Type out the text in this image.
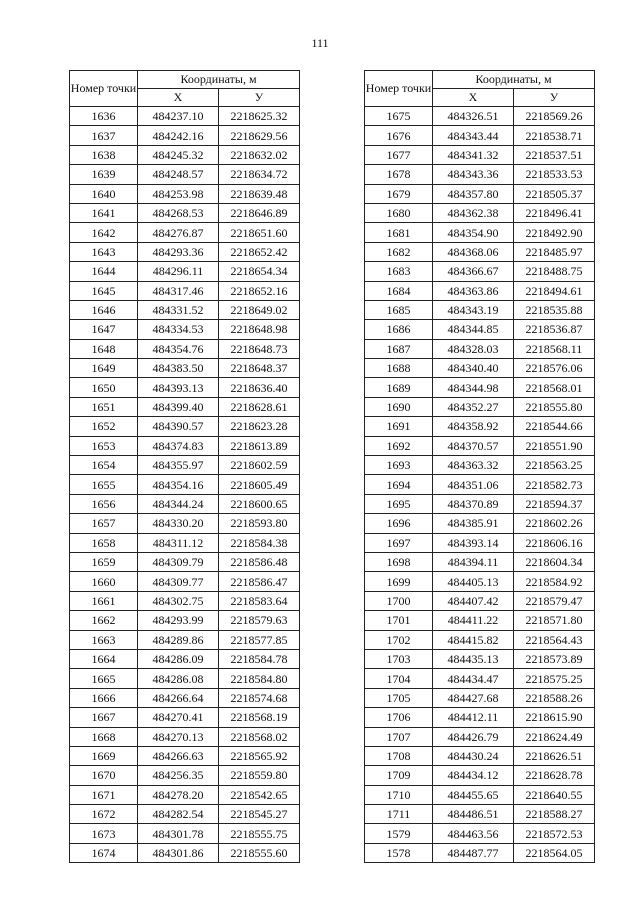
111
Номер точки	Координаты, м	
	Х	У
1636	484237.10	2218625.32
1637	484242.16	2218629.56
1638	484245.32	2218632.02
1639	484248.57	2218634.72
1640	484253.98	2218639.48
1641	484268.53	2218646.89
1642	484276.87	2218651.60
1643	484293.36	2218652.42
1644	484296.11	2218654.34
1645	484317.46	2218652.16
1646	484331.52	2218649.02
1647	484334.53	2218648.98
1648	484354.76	2218648.73
1649	484383.50	2218648.37
1650	484393.13	2218636.40
1651	484399.40	2218628.61
1652	484390.57	2218623.28
1653	484374.83	2218613.89
1654	484355.97	2218602.59
1655	484354.16	2218605.49
1656	484344.24	2218600.65
1657	484330.20	2218593.80
1658	484311.12	2218584.38
1659	484309.79	2218586.48
1660	484309.77	2218586.47
1661	484302.75	2218583.64
1662	484293.99	2218579.63
1663	484289.86	2218577.85
1664	484286.09	2218584.78
1665	484286.08	2218584.80
1666	484266.64	2218574.68
1667	484270.41	2218568.19
1668	484270.13	2218568.02
1669	484266.63	2218565.92
1670	484256.35	2218559.80
1671	484278.20	2218542.65
1672	484282.54	2218545.27
1673	484301.78	2218555.75
1674	484301.86	2218555.60
Номер точки	Координаты, м	
	Х	У
1675	484326.51	2218569.26
1676	484343.44	2218538.71
1677	484341.32	2218537.51
1678	484343.36	2218533.53
1679	484357.80	2218505.37
1680	484362.38	2218496.41
1681	484354.90	2218492.90
1682	484368.06	2218485.97
1683	484366.67	2218488.75
1684	484363.86	2218494.61
1685	484343.19	2218535.88
1686	484344.85	2218536.87
1687	484328.03	2218568.11
1688	484340.40	2218576.06
1689	484344.98	2218568.01
1690	484352.27	2218555.80
1691	484358.92	2218544.66
1692	484370.57	2218551.90
1693	484363.32	2218563.25
1694	484351.06	2218582.73
1695	484370.89	2218594.37
1696	484385.91	2218602.26
1697	484393.14	2218606.16
1698	484394.11	2218604.34
1699	484405.13	2218584.92
1700	484407.42	2218579.47
1701	484411.22	2218571.80
1702	484415.82	2218564.43
1703	484435.13	2218573.89
1704	484434.47	2218575.25
1705	484427.68	2218588.26
1706	484412.11	2218615.90
1707	484426.79	2218624.49
1708	484430.24	2218626.51
1709	484434.12	2218628.78
1710	484455.65	2218640.55
1711	484486.51	2218588.27
1579	484463.56	2218572.53
1578	484487.77	2218564.05
